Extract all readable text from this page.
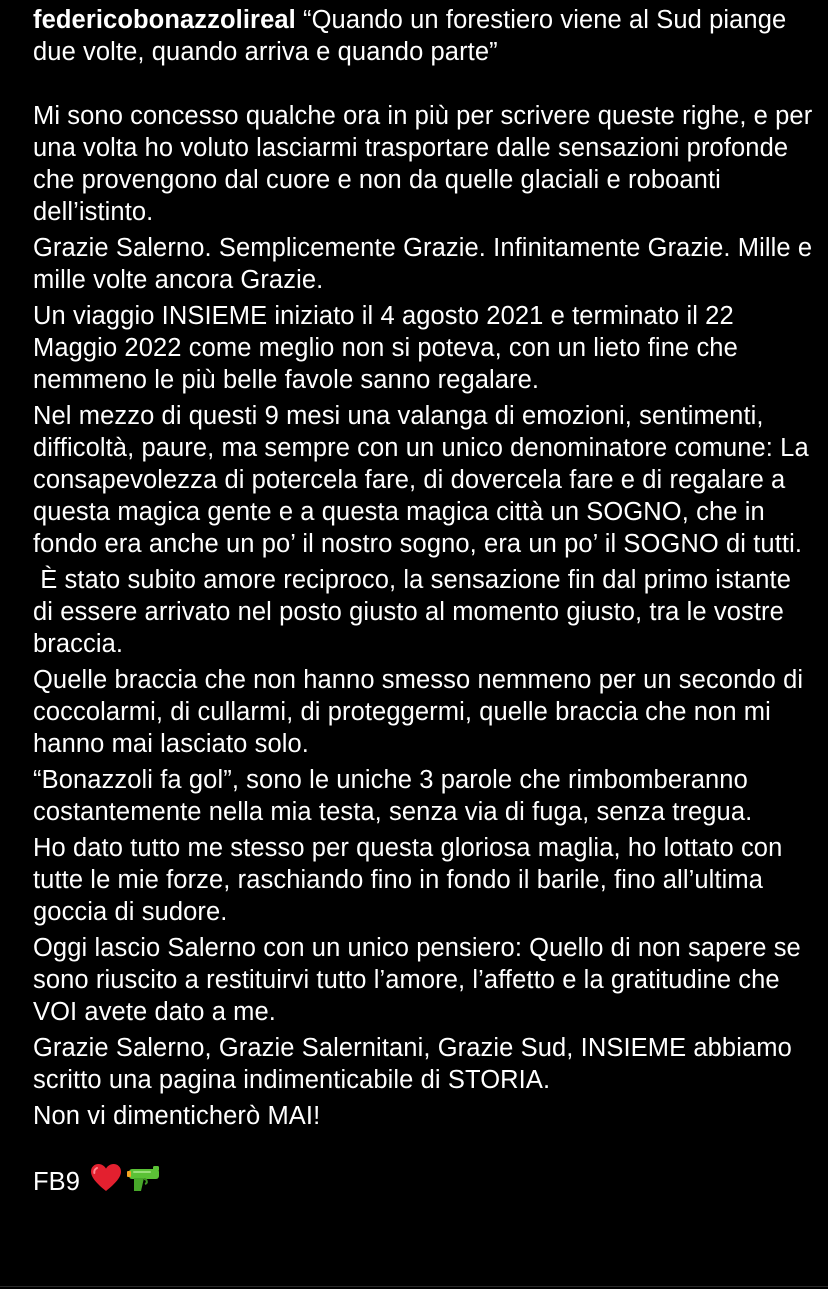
federicobonazzolireal “Quando un forestiero viene al Sud piange due volte, quando arriva e quando parte”

Mi sono concesso qualche ora in più per scrivere queste righe, e per una volta ho voluto lasciarmi trasportare dalle sensazioni profonde che provengono dal cuore e non da quelle glaciali e roboanti dell’istinto.

Grazie Salerno. Semplicemente Grazie. Infinitamente Grazie. Mille e mille volte ancora Grazie.

Un viaggio INSIEME iniziato il 4 agosto 2021 e terminato il 22 Maggio 2022 come meglio non si poteva, con un lieto fine che nemmeno le più belle favole sanno regalare.

Nel mezzo di questi 9 mesi una valanga di emozioni, sentimenti, difficoltà, paure, ma sempre con un unico denominatore comune: La consapevolezza di potercela fare, di dovercela fare e di regalare a questa magica gente e a questa magica città un SOGNO, che in fondo era anche un po’ il nostro sogno, era un po’ il SOGNO di tutti.

È stato subito amore reciproco, la sensazione fin dal primo istante di essere arrivato nel posto giusto al momento giusto, tra le vostre braccia.

Quelle braccia che non hanno smesso nemmeno per un secondo di coccolarmi, di cullarmi, di proteggermi, quelle braccia che non mi hanno mai lasciato solo.

“Bonazzoli fa gol”, sono le uniche 3 parole che rimbomberanno costantemente nella mia testa, senza via di fuga, senza tregua.

Ho dato tutto me stesso per questa gloriosa maglia, ho lottato con tutte le mie forze, raschiando fino in fondo il barile, fino all’ultima goccia di sudore.

Oggi lascio Salerno con un unico pensiero: Quello di non sapere se sono riuscito a restituirvi tutto l’amore, l’affetto e la gratitudine che VOI avete dato a me.

Grazie Salerno, Grazie Salernitani, Grazie Sud, INSIEME abbiamo scritto una pagina indimenticabile di STORIA.

Non vi dimenticherò MAI!

FB9
